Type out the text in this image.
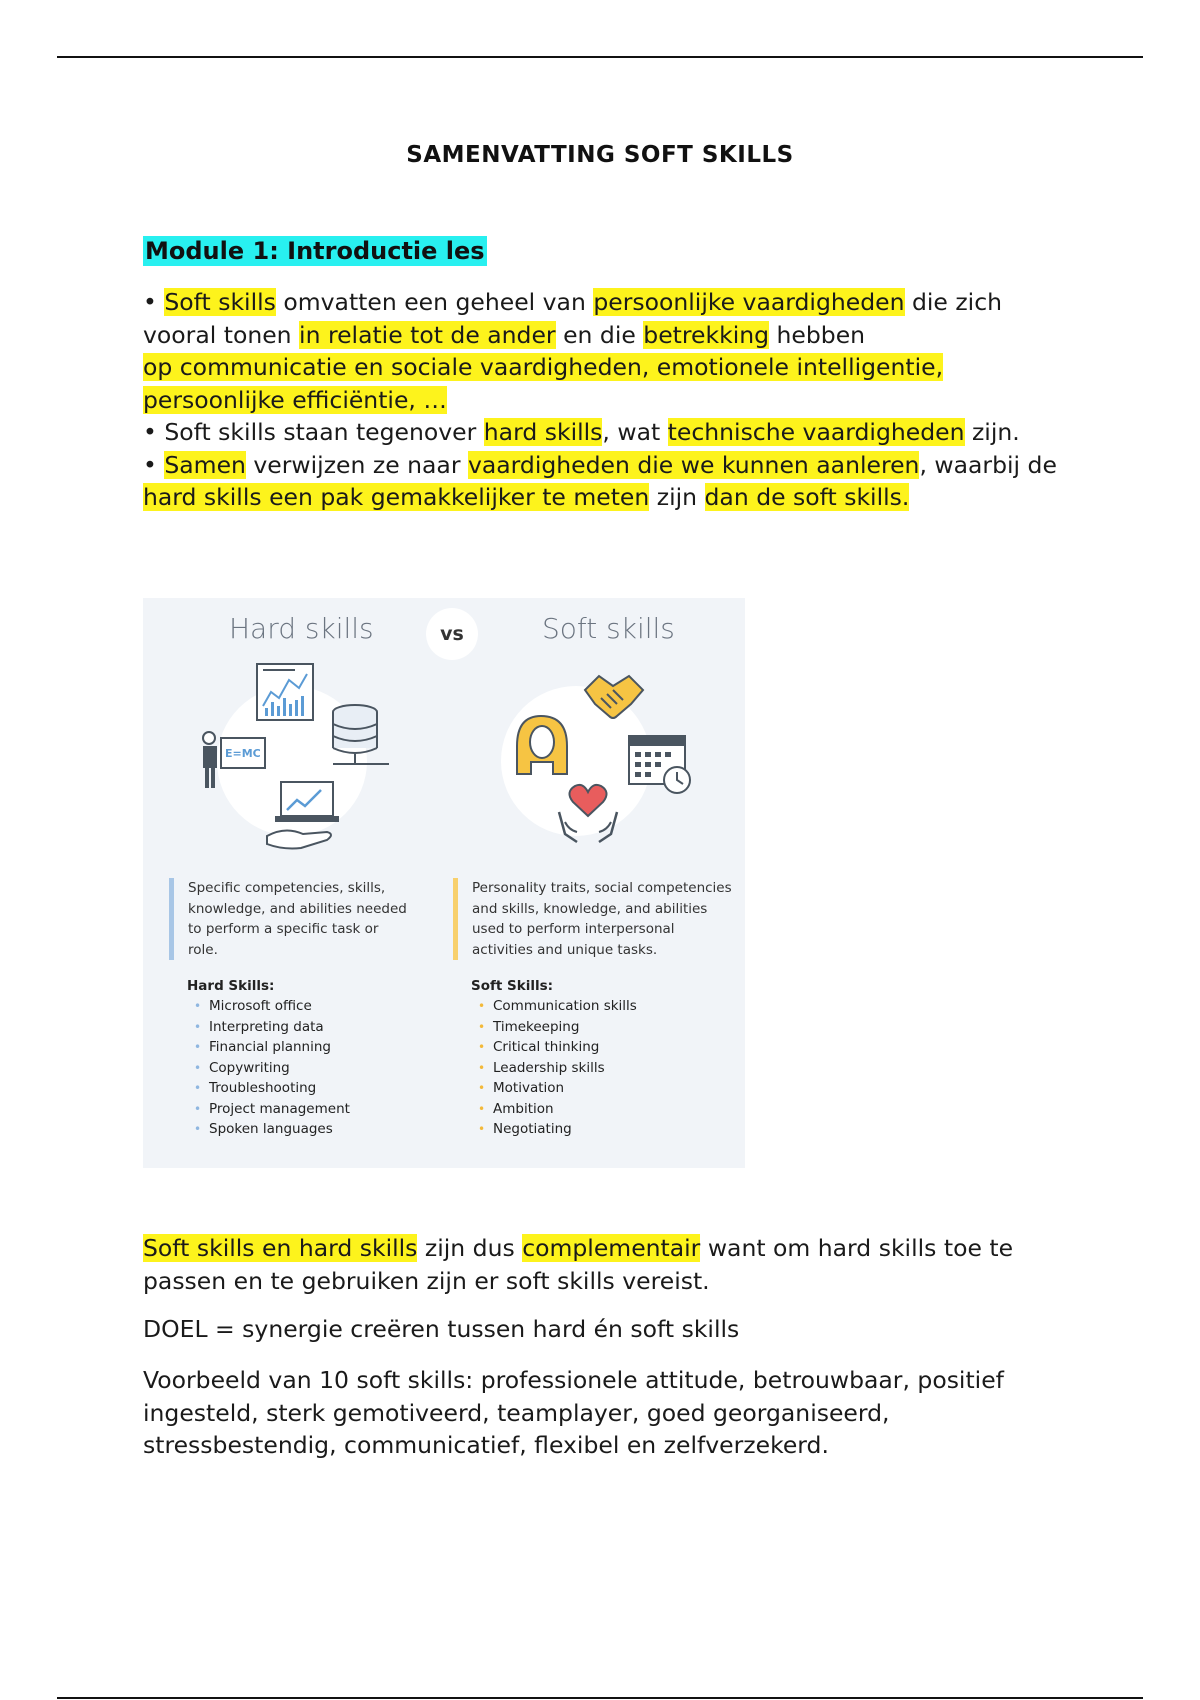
SAMENVATTING SOFT SKILLS
Module 1: Introductie les
• Soft skills omvatten een geheel van persoonlijke vaardigheden die zich vooral tonen in relatie tot de ander en die betrekking hebben
op communicatie en sociale vaardigheden, emotionele intelligentie, persoonlijke efficiëntie, …
• Soft skills staan tegenover hard skills, wat technische vaardigheden zijn.
• Samen verwijzen ze naar vaardigheden die we kunnen aanleren, waarbij de hard skills een pak gemakkelijker te meten zijn dan de soft skills.
Hard skills	vs	Soft skills
E=MC
Specific competencies, skills, knowledge, and abilities needed to perform a specific task or role.
Personality traits, social competencies and skills, knowledge, and abilities used to perform interpersonal activities and unique tasks.
Hard Skills:
• Microsoft office
• Interpreting data
• Financial planning
• Copywriting
• Troubleshooting
• Project management
• Spoken languages
Soft Skills:
• Communication skills
• Timekeeping
• Critical thinking
• Leadership skills
• Motivation
• Ambition
• Negotiating
Soft skills en hard skills zijn dus complementair want om hard skills toe te passen en te gebruiken zijn er soft skills vereist.
DOEL = synergie creëren tussen hard én soft skills
Voorbeeld van 10 soft skills: professionele attitude, betrouwbaar, positief ingesteld, sterk gemotiveerd, teamplayer, goed georganiseerd, stressbestendig, communicatief, flexibel en zelfverzekerd.
